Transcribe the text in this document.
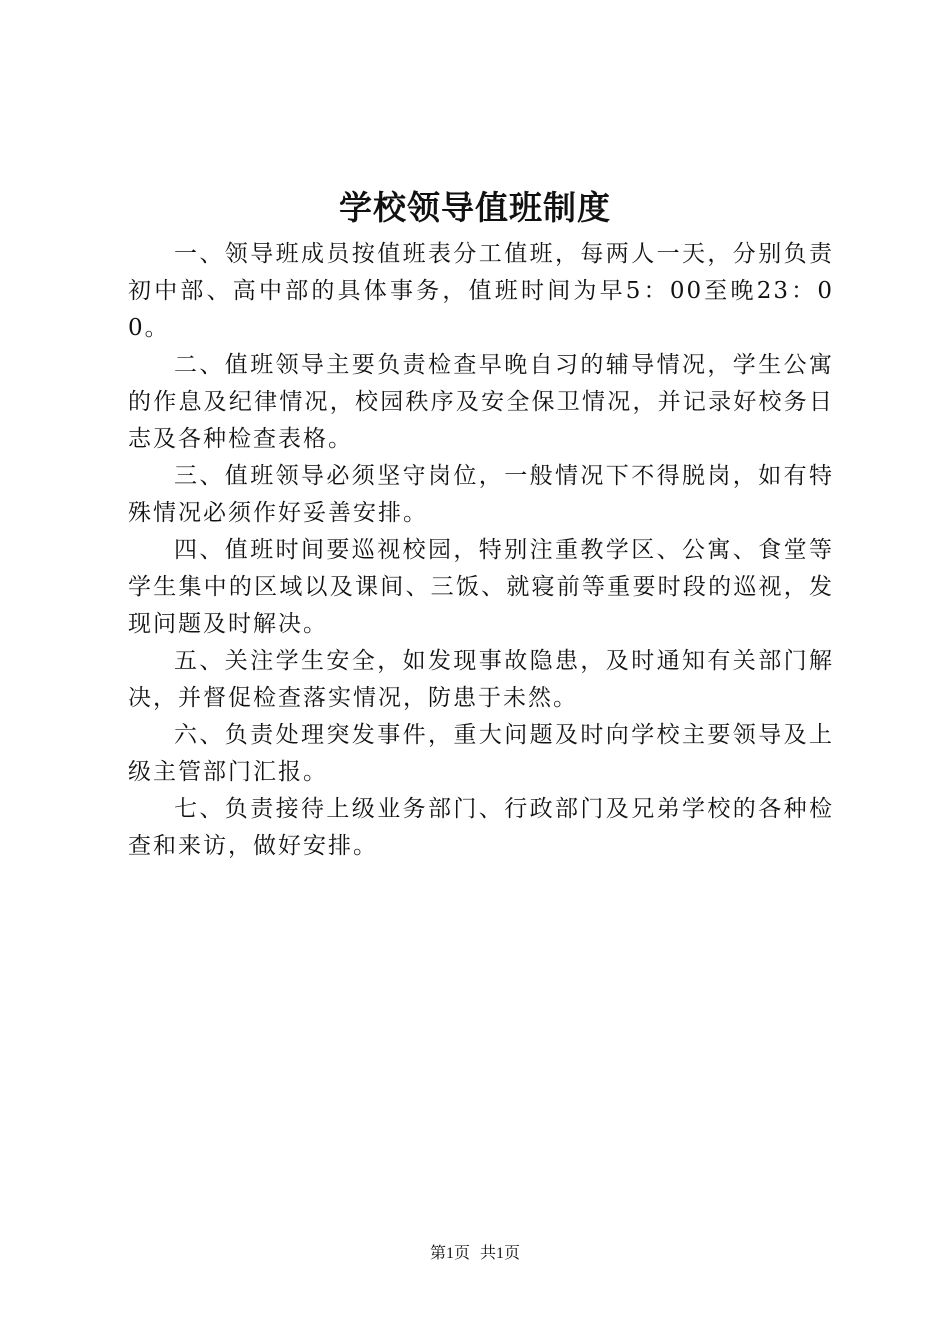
学校领导值班制度

一、领导班成员按值班表分工值班，每两人一天，分别负责初中部、高中部的具体事务，值班时间为早5：00至晚23：00。

二、值班领导主要负责检查早晚自习的辅导情况，学生公寓的作息及纪律情况，校园秩序及安全保卫情况，并记录好校务日志及各种检查表格。

三、值班领导必须坚守岗位，一般情况下不得脱岗，如有特殊情况必须作好妥善安排。

四、值班时间要巡视校园，特别注重教学区、公寓、食堂等学生集中的区域以及课间、三饭、就寝前等重要时段的巡视，发现问题及时解决。

五、关注学生安全，如发现事故隐患，及时通知有关部门解决，并督促检查落实情况，防患于未然。

六、负责处理突发事件，重大问题及时向学校主要领导及上级主管部门汇报。

七、负责接待上级业务部门、行政部门及兄弟学校的各种检查和来访，做好安排。

第1页 共1页
